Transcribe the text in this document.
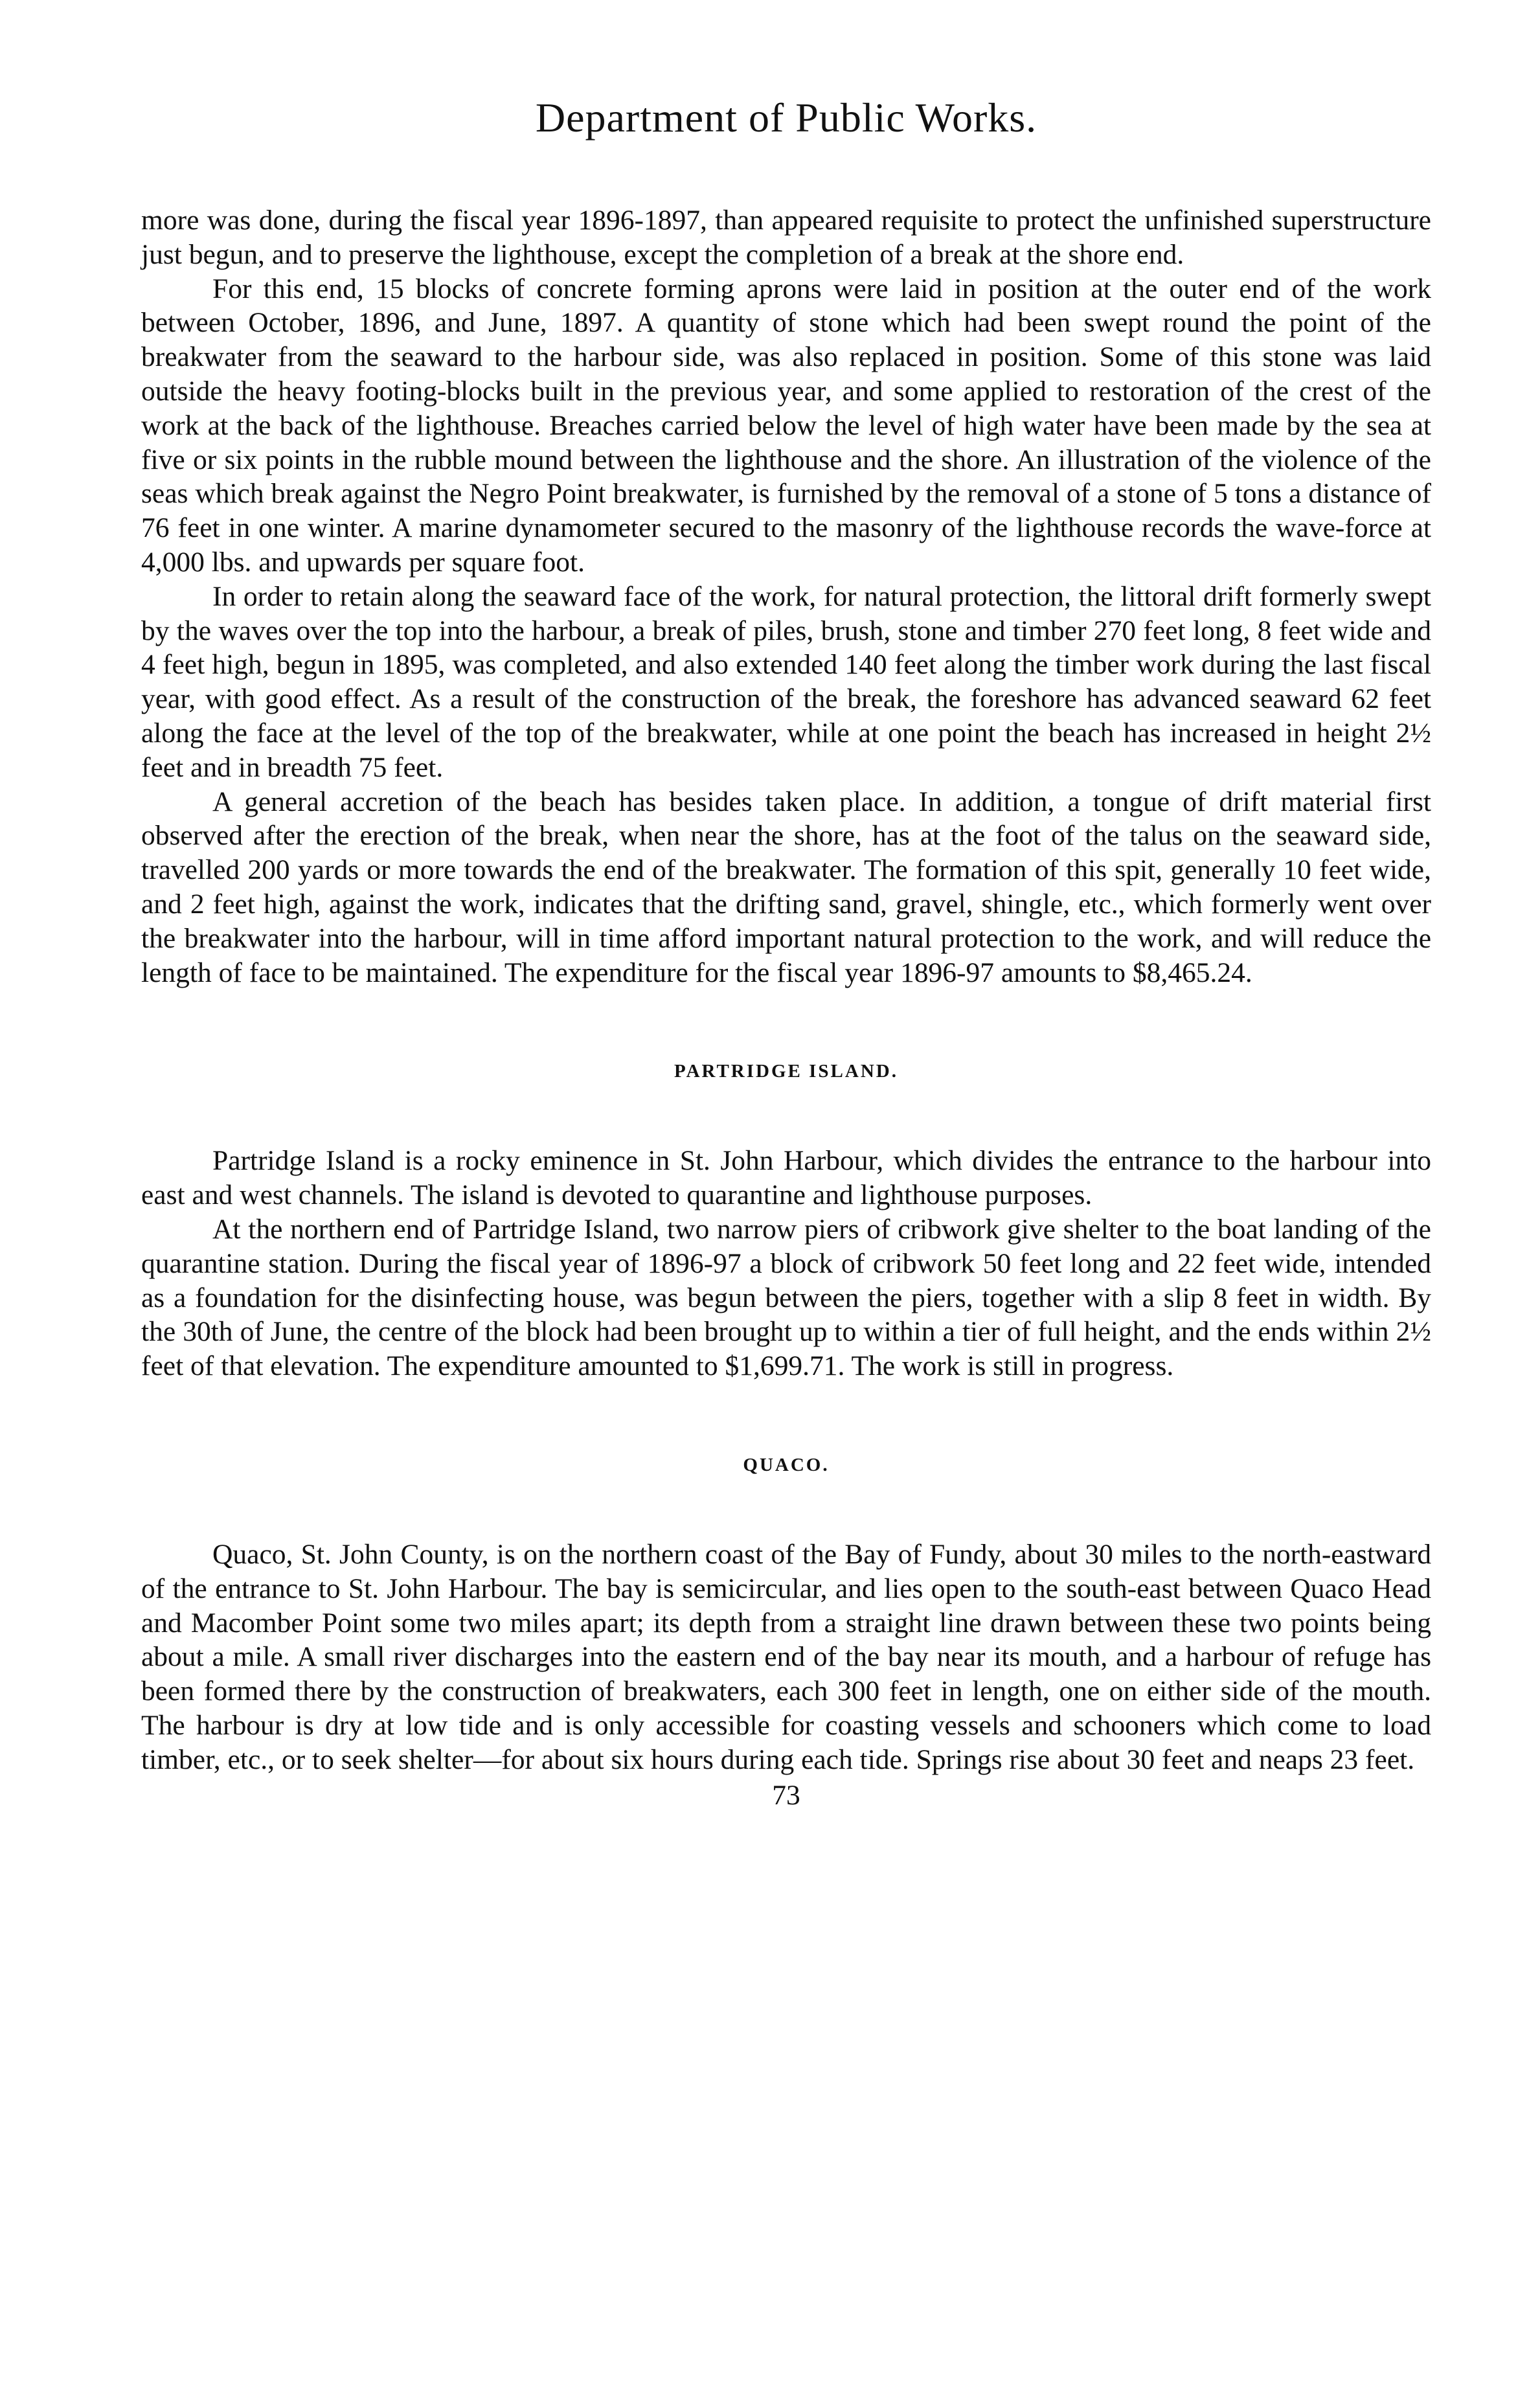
Department of Public Works.

more was done, during the fiscal year 1896-1897, than appeared requisite to protect the unfinished superstructure just begun, and to preserve the lighthouse, except the completion of a break at the shore end.

For this end, 15 blocks of concrete forming aprons were laid in position at the outer end of the work between October, 1896, and June, 1897. A quantity of stone which had been swept round the point of the breakwater from the seaward to the harbour side, was also replaced in position. Some of this stone was laid outside the heavy footing-blocks built in the previous year, and some applied to restoration of the crest of the work at the back of the lighthouse. Breaches carried below the level of high water have been made by the sea at five or six points in the rubble mound between the lighthouse and the shore. An illustration of the violence of the seas which break against the Negro Point breakwater, is furnished by the removal of a stone of 5 tons a distance of 76 feet in one winter. A marine dynamometer secured to the masonry of the lighthouse records the wave-force at 4,000 lbs. and upwards per square foot.

In order to retain along the seaward face of the work, for natural protection, the littoral drift formerly swept by the waves over the top into the harbour, a break of piles, brush, stone and timber 270 feet long, 8 feet wide and 4 feet high, begun in 1895, was completed, and also extended 140 feet along the timber work during the last fiscal year, with good effect. As a result of the construction of the break, the foreshore has advanced seaward 62 feet along the face at the level of the top of the breakwater, while at one point the beach has increased in height 2½ feet and in breadth 75 feet.

A general accretion of the beach has besides taken place. In addition, a tongue of drift material first observed after the erection of the break, when near the shore, has at the foot of the talus on the seaward side, travelled 200 yards or more towards the end of the breakwater. The formation of this spit, generally 10 feet wide, and 2 feet high, against the work, indicates that the drifting sand, gravel, shingle, etc., which formerly went over the breakwater into the harbour, will in time afford important natural protection to the work, and will reduce the length of face to be maintained. The expenditure for the fiscal year 1896-97 amounts to $8,465.24.

PARTRIDGE ISLAND.

Partridge Island is a rocky eminence in St. John Harbour, which divides the entrance to the harbour into east and west channels. The island is devoted to quarantine and lighthouse purposes.

At the northern end of Partridge Island, two narrow piers of cribwork give shelter to the boat landing of the quarantine station. During the fiscal year of 1896-97 a block of cribwork 50 feet long and 22 feet wide, intended as a foundation for the disinfecting house, was begun between the piers, together with a slip 8 feet in width. By the 30th of June, the centre of the block had been brought up to within a tier of full height, and the ends within 2½ feet of that elevation. The expenditure amounted to $1,699.71. The work is still in progress.

QUACO.

Quaco, St. John County, is on the northern coast of the Bay of Fundy, about 30 miles to the north-eastward of the entrance to St. John Harbour. The bay is semicircular, and lies open to the south-east between Quaco Head and Macomber Point some two miles apart; its depth from a straight line drawn between these two points being about a mile. A small river discharges into the eastern end of the bay near its mouth, and a harbour of refuge has been formed there by the construction of breakwaters, each 300 feet in length, one on either side of the mouth. The harbour is dry at low tide and is only accessible for coasting vessels and schooners which come to load timber, etc., or to seek shelter—for about six hours during each tide. Springs rise about 30 feet and neaps 23 feet.

73
